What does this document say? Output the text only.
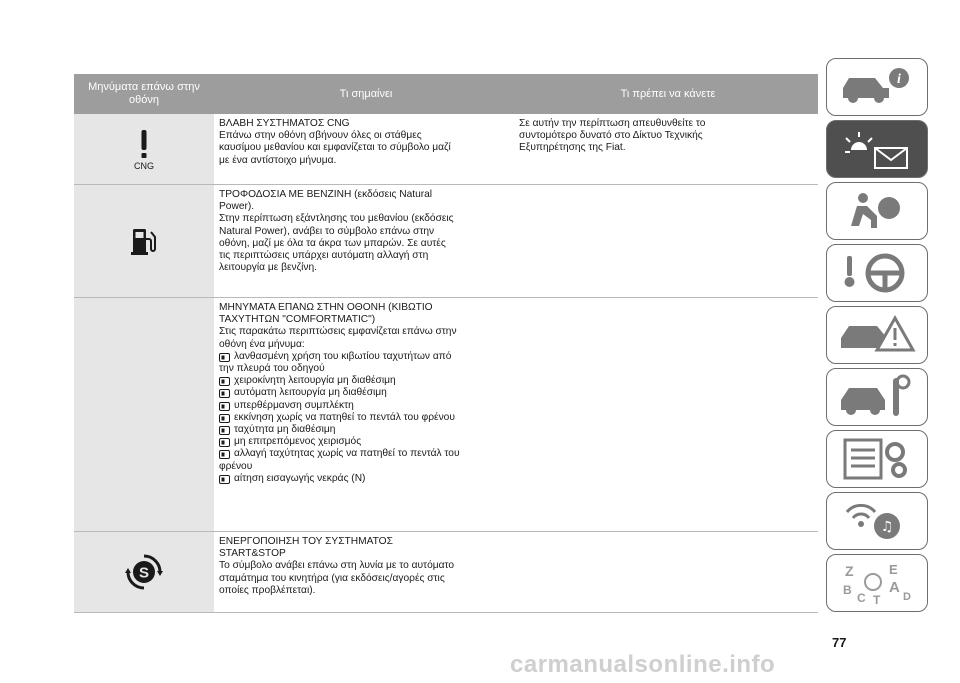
Μηνύματα επάνω στην οθόνη
Τι σημαίνει	Τι πρέπει να κάνετε
CNG
ΒΛΑΒΗ ΣΥΣΤΗΜΑΤΟΣ CNG
Επάνω στην οθόνη σβήνουν όλες οι στάθμες
καυσίμου μεθανίου και εμφανίζεται το σύμβολο μαζί
με ένα αντίστοιχο μήνυμα.
Σε αυτήν την περίπτωση απευθυνθείτε το
συντομότερο δυνατό στο Δίκτυο Τεχνικής
Εξυπηρέτησης της Fiat.
ΤΡΟΦΟΔΟΣΙΑ ΜΕ ΒΕΝΖΙΝΗ (εκδόσεις Natural
Power).
Στην περίπτωση εξάντλησης του μεθανίου (εκδόσεις
Natural Power), ανάβει το σύμβολο επάνω στην
οθόνη, μαζί με όλα τα άκρα των μπαρών. Σε αυτές
τις περιπτώσεις υπάρχει αυτόματη αλλαγή στη
λειτουργία με βενζίνη.
ΜΗΝΥΜΑΤΑ ΕΠΑΝΩ ΣΤΗΝ ΟΘΟΝΗ (ΚΙΒΩΤΙΟ
ΤΑΧΥΤΗΤΩΝ "COMFORTMATIC")
Στις παρακάτω περιπτώσεις εμφανίζεται επάνω στην
οθόνη ένα μήνυμα:
λανθασμένη χρήση του κιβωτίου ταχυτήτων από
την πλευρά του οδηγού
χειροκίνητη λειτουργία μη διαθέσιμη
αυτόματη λειτουργία μη διαθέσιμη
υπερθέρμανση συμπλέκτη
εκκίνηση χωρίς να πατηθεί το πεντάλ του φρένου
ταχύτητα μη διαθέσιμη
μη επιτρεπόμενος χειρισμός
αλλαγή ταχύτητας χωρίς να πατηθεί το πεντάλ του
φρένου
αίτηση εισαγωγής νεκράς (N)
S
ΕΝΕΡΓΟΠΟΙΗΣΗ ΤΟΥ ΣΥΣΤΗΜΑΤΟΣ
START&STOP
Το σύμβολο ανάβει επάνω στη λυνία με το αυτόματο
σταμάτημα του κινητήρα (για εκδόσεις/αγορές στις
οποίες προβλέπεται).
i
♫
Z	E
B A
C T D
77
carmanualsonline.info
